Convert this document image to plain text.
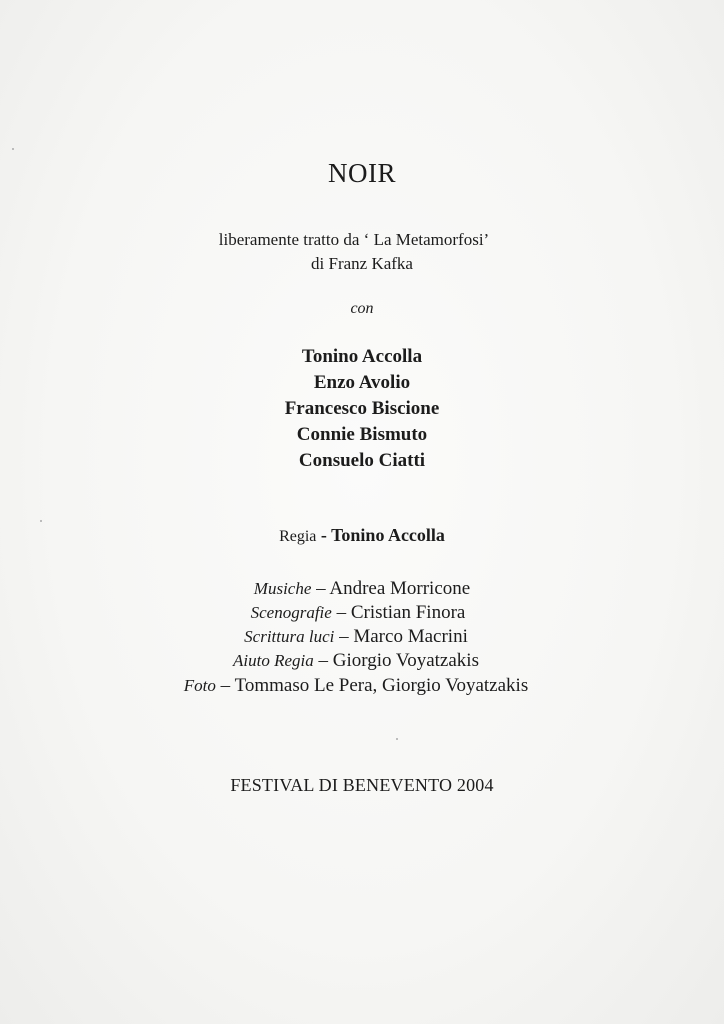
NOIR
liberamente tratto da ‘ La Metamorfosi’
di Franz Kafka
con
Tonino Accolla
Enzo Avolio
Francesco Biscione
Connie Bismuto
Consuelo Ciatti
Regia - Tonino Accolla
Musiche – Andrea Morricone
Scenografie – Cristian Finora
Scrittura luci – Marco Macrini
Aiuto Regia – Giorgio Voyatzakis
Foto – Tommaso Le Pera, Giorgio Voyatzakis
FESTIVAL DI BENEVENTO 2004
